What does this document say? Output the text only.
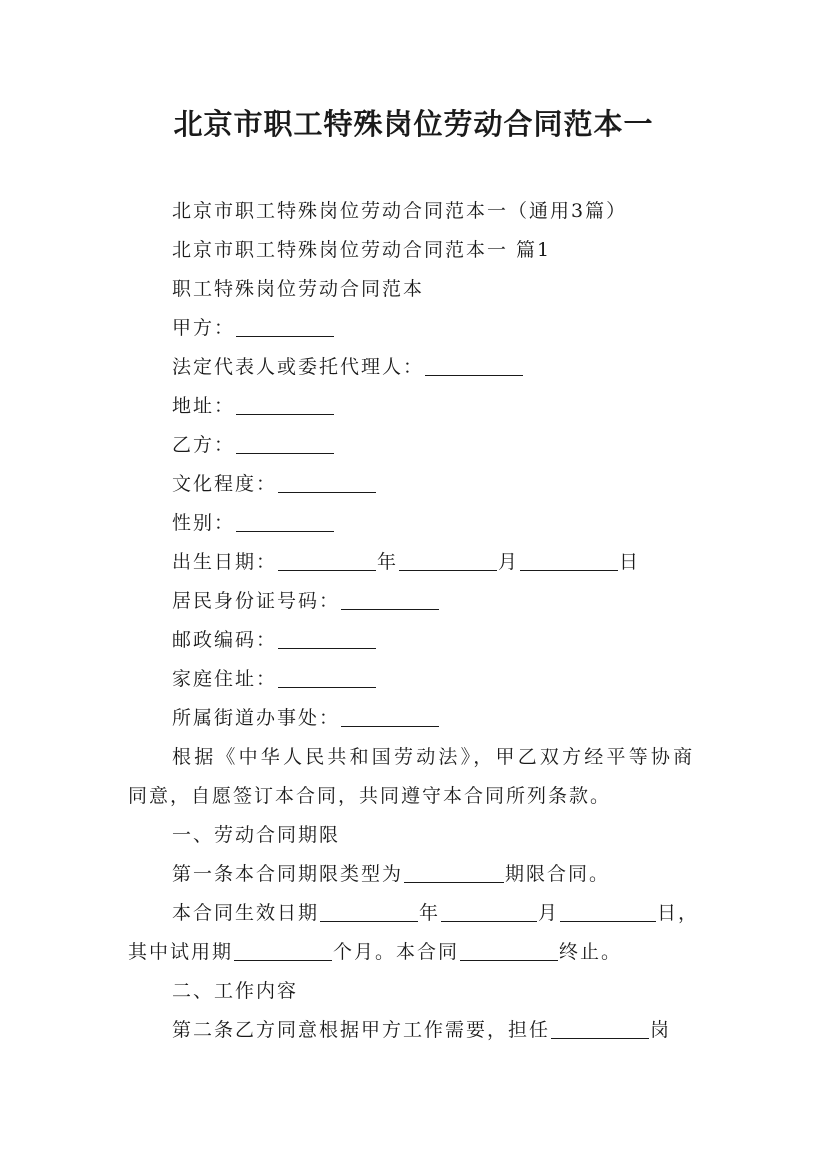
北京市职工特殊岗位劳动合同范本一
北京市职工特殊岗位劳动合同范本一（通用3篇）
北京市职工特殊岗位劳动合同范本一 篇1
职工特殊岗位劳动合同范本
甲方：
法定代表人或委托代理人：
地址：
乙方：
文化程度：
性别：
出生日期：	年	月	日
居民身份证号码：
邮政编码：
家庭住址：
所属街道办事处：
根据《中华人民共和国劳动法》，甲乙双方经平等协商
同意，自愿签订本合同，共同遵守本合同所列条款。
一、劳动合同期限
第一条本合同期限类型为	期限合同。
本合同生效日期	年	月	日，
其中试用期	个月。本合同	终止。
二、工作内容
第二条乙方同意根据甲方工作需要，担任	岗
